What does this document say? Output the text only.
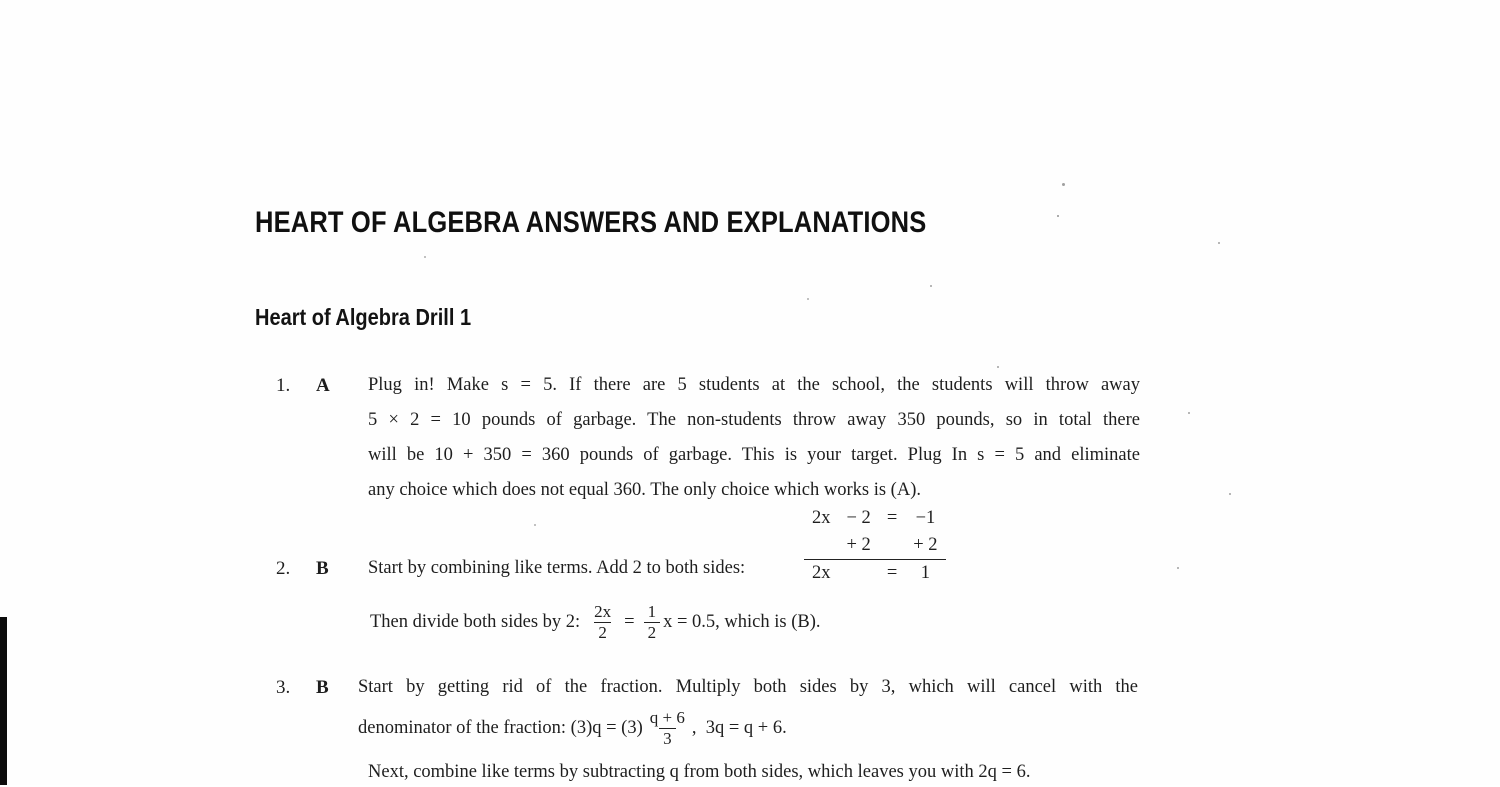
HEART OF ALGEBRA ANSWERS AND EXPLANATIONS
Heart of Algebra Drill 1
1. A Plug in! Make s = 5. If there are 5 students at the school, the students will throw away
5 × 2 = 10 pounds of garbage. The non-students throw away 350 pounds, so in total there
will be 10 + 350 = 360 pounds of garbage. This is your target. Plug In s = 5 and eliminate
any choice which does not equal 360. The only choice which works is (A).
2. B Start by combining like terms. Add 2 to both sides:
2x	− 2	=	−1
	+ 2		+ 2
2x		=	1
Then divide both sides by 2: $\frac{2x}{2} = \frac{1}{2}$ x = 0.5, which is (B).
3. B Start by getting rid of the fraction. Multiply both sides by 3, which will cancel with the
denominator of the fraction: $(3)q = (3) \frac{q + 6}{3}$ ,  3q = q + 6.
Next, combine like terms by subtracting q from both sides, which leaves you with 2q = 6.
